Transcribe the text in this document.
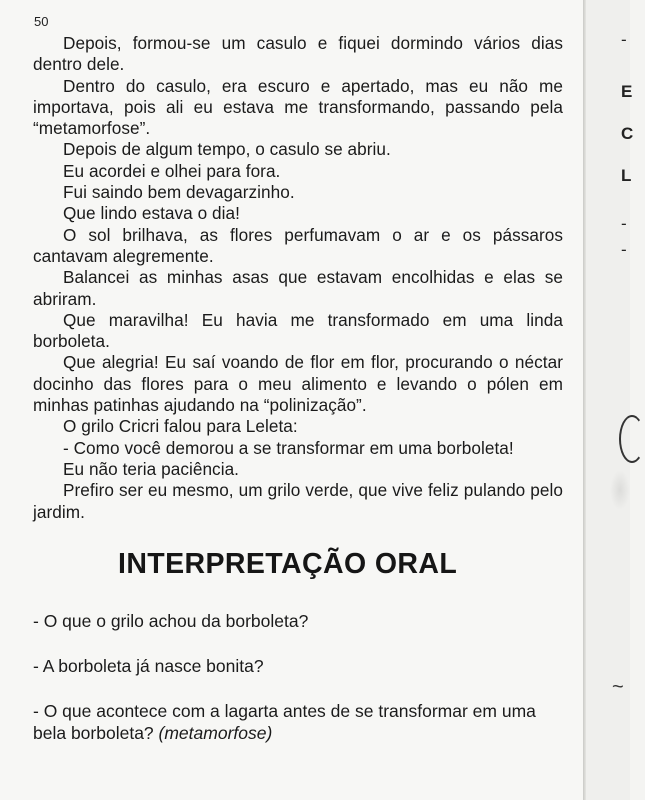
50

Depois, formou-se um casulo e fiquei dormindo vários dias dentro dele.

Dentro do casulo, era escuro e apertado, mas eu não me importava, pois ali eu estava me transformando, passando pela “metamorfose”.

Depois de algum tempo, o casulo se abriu.

Eu acordei e olhei para fora.

Fui saindo bem devagarzinho.

Que lindo estava o dia!

O sol brilhava, as flores perfumavam o ar e os pássaros cantavam alegremente.

Balancei as minhas asas que estavam encolhidas e elas se abriram.

Que maravilha! Eu havia me transformado em uma linda borboleta.

Que alegria! Eu saí voando de flor em flor, procurando o néctar docinho das flores para o meu alimento e levando o pólen em minhas patinhas ajudando na “polinização”.

O grilo Cricri falou para Leleta:

- Como você demorou a se transformar em uma borboleta!

Eu não teria paciência.

Prefiro ser eu mesmo, um grilo verde, que vive feliz pulando pelo jardim.

INTERPRETAÇÃO ORAL

- O que o grilo achou da borboleta?

- A borboleta já nasce bonita?

- O que acontece com a lagarta antes de se transformar em uma bela borboleta? (metamorfose)

-
E
C
L
-
-
~
